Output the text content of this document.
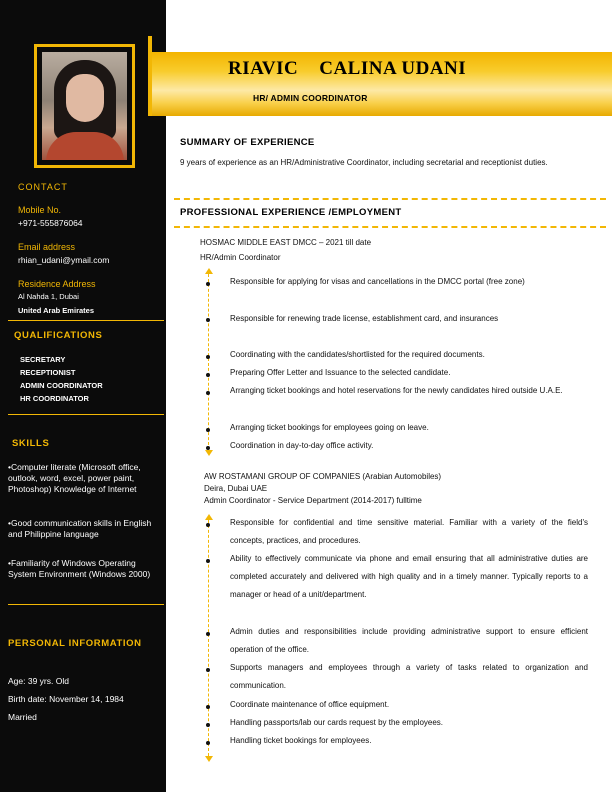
CONTACT
Mobile No.
+971-555876064
Email address
rhian_udani@ymail.com
Residence Address
Al Nahda 1, Dubai
United Arab Emirates
QUALIFICATIONS
SECRETARY
RECEPTIONIST
ADMIN COORDINATOR
HR COORDINATOR
SKILLS
•Computer literate (Microsoft office, outlook, word, excel, power paint, Photoshop) Knowledge of Internet
•Good communication skills in English and Philippine language
•Familiarity of Windows Operating System Environment (Windows 2000)
PERSONAL INFORMATION
Age: 39 yrs. Old
Birth date: November 14, 1984
Married
RIAVIC    CALINA UDANI
HR/ ADMIN COORDINATOR
SUMMARY OF EXPERIENCE
9 years of experience as an HR/Administrative Coordinator, including secretarial and receptionist duties.
PROFESSIONAL EXPERIENCE /EMPLOYMENT
HOSMAC MIDDLE EAST DMCC – 2021 till date
HR/Admin Coordinator
Responsible for applying for visas and cancellations in the DMCC portal (free zone)
Responsible for renewing trade license, establishment card, and insurances
Coordinating with the candidates/shortlisted for the required documents.
Preparing Offer Letter and Issuance to the selected candidate.
Arranging ticket bookings and hotel reservations for the newly candidates hired outside U.A.E.
Arranging ticket bookings for employees going on leave.
Coordination in day-to-day office activity.
AW ROSTAMANI GROUP OF COMPANIES (Arabian Automobiles)
Deira, Dubai UAE
Admin Coordinator - Service Department (2014-2017) fulltime
Responsible for confidential and time sensitive material. Familiar with a variety of the field's concepts, practices, and procedures.
Ability to effectively communicate via phone and email ensuring that all administrative duties are completed accurately and delivered with high quality and in a timely manner. Typically reports to a manager or head of a unit/department.
Admin duties and responsibilities include providing administrative support to ensure efficient operation of the office.
Supports managers and employees through a variety of tasks related to organization and communication.
Coordinate maintenance of office equipment.
Handling passports/lab our cards request by the employees.
Handling ticket bookings for employees.
